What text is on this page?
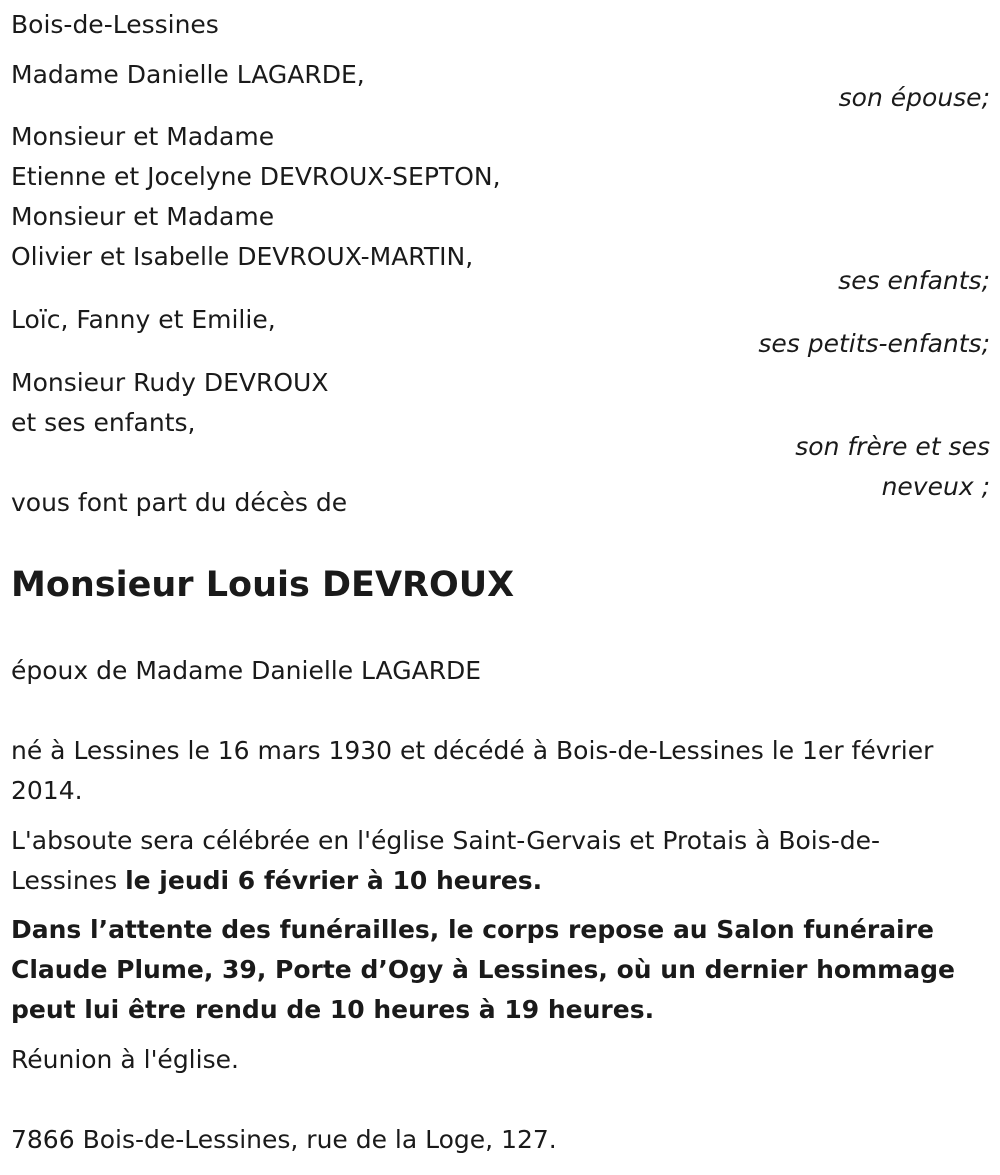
Bois-de-Lessines
Madame Danielle LAGARDE,
son épouse;
Monsieur et Madame
Etienne et Jocelyne DEVROUX-SEPTON,
Monsieur et Madame
Olivier et Isabelle DEVROUX-MARTIN,
ses enfants;
Loïc, Fanny et Emilie,
ses petits-enfants;
Monsieur Rudy DEVROUX
et ses enfants,
son frère et ses
neveux ;
vous font part du décès de
Monsieur Louis DEVROUX
époux de Madame Danielle LAGARDE
né à Lessines le 16 mars 1930 et décédé à Bois-de-Lessines le 1er février
2014.
L'absoute sera célébrée en l'église Saint-Gervais et Protais à Bois-de-
Lessines le jeudi 6 février à 10 heures.
Dans l’attente des funérailles, le corps repose au Salon funéraire
Claude Plume, 39, Porte d’Ogy à Lessines, où un dernier hommage
peut lui être rendu de 10 heures à 19 heures.
Réunion à l'église.
7866 Bois-de-Lessines, rue de la Loge, 127.
